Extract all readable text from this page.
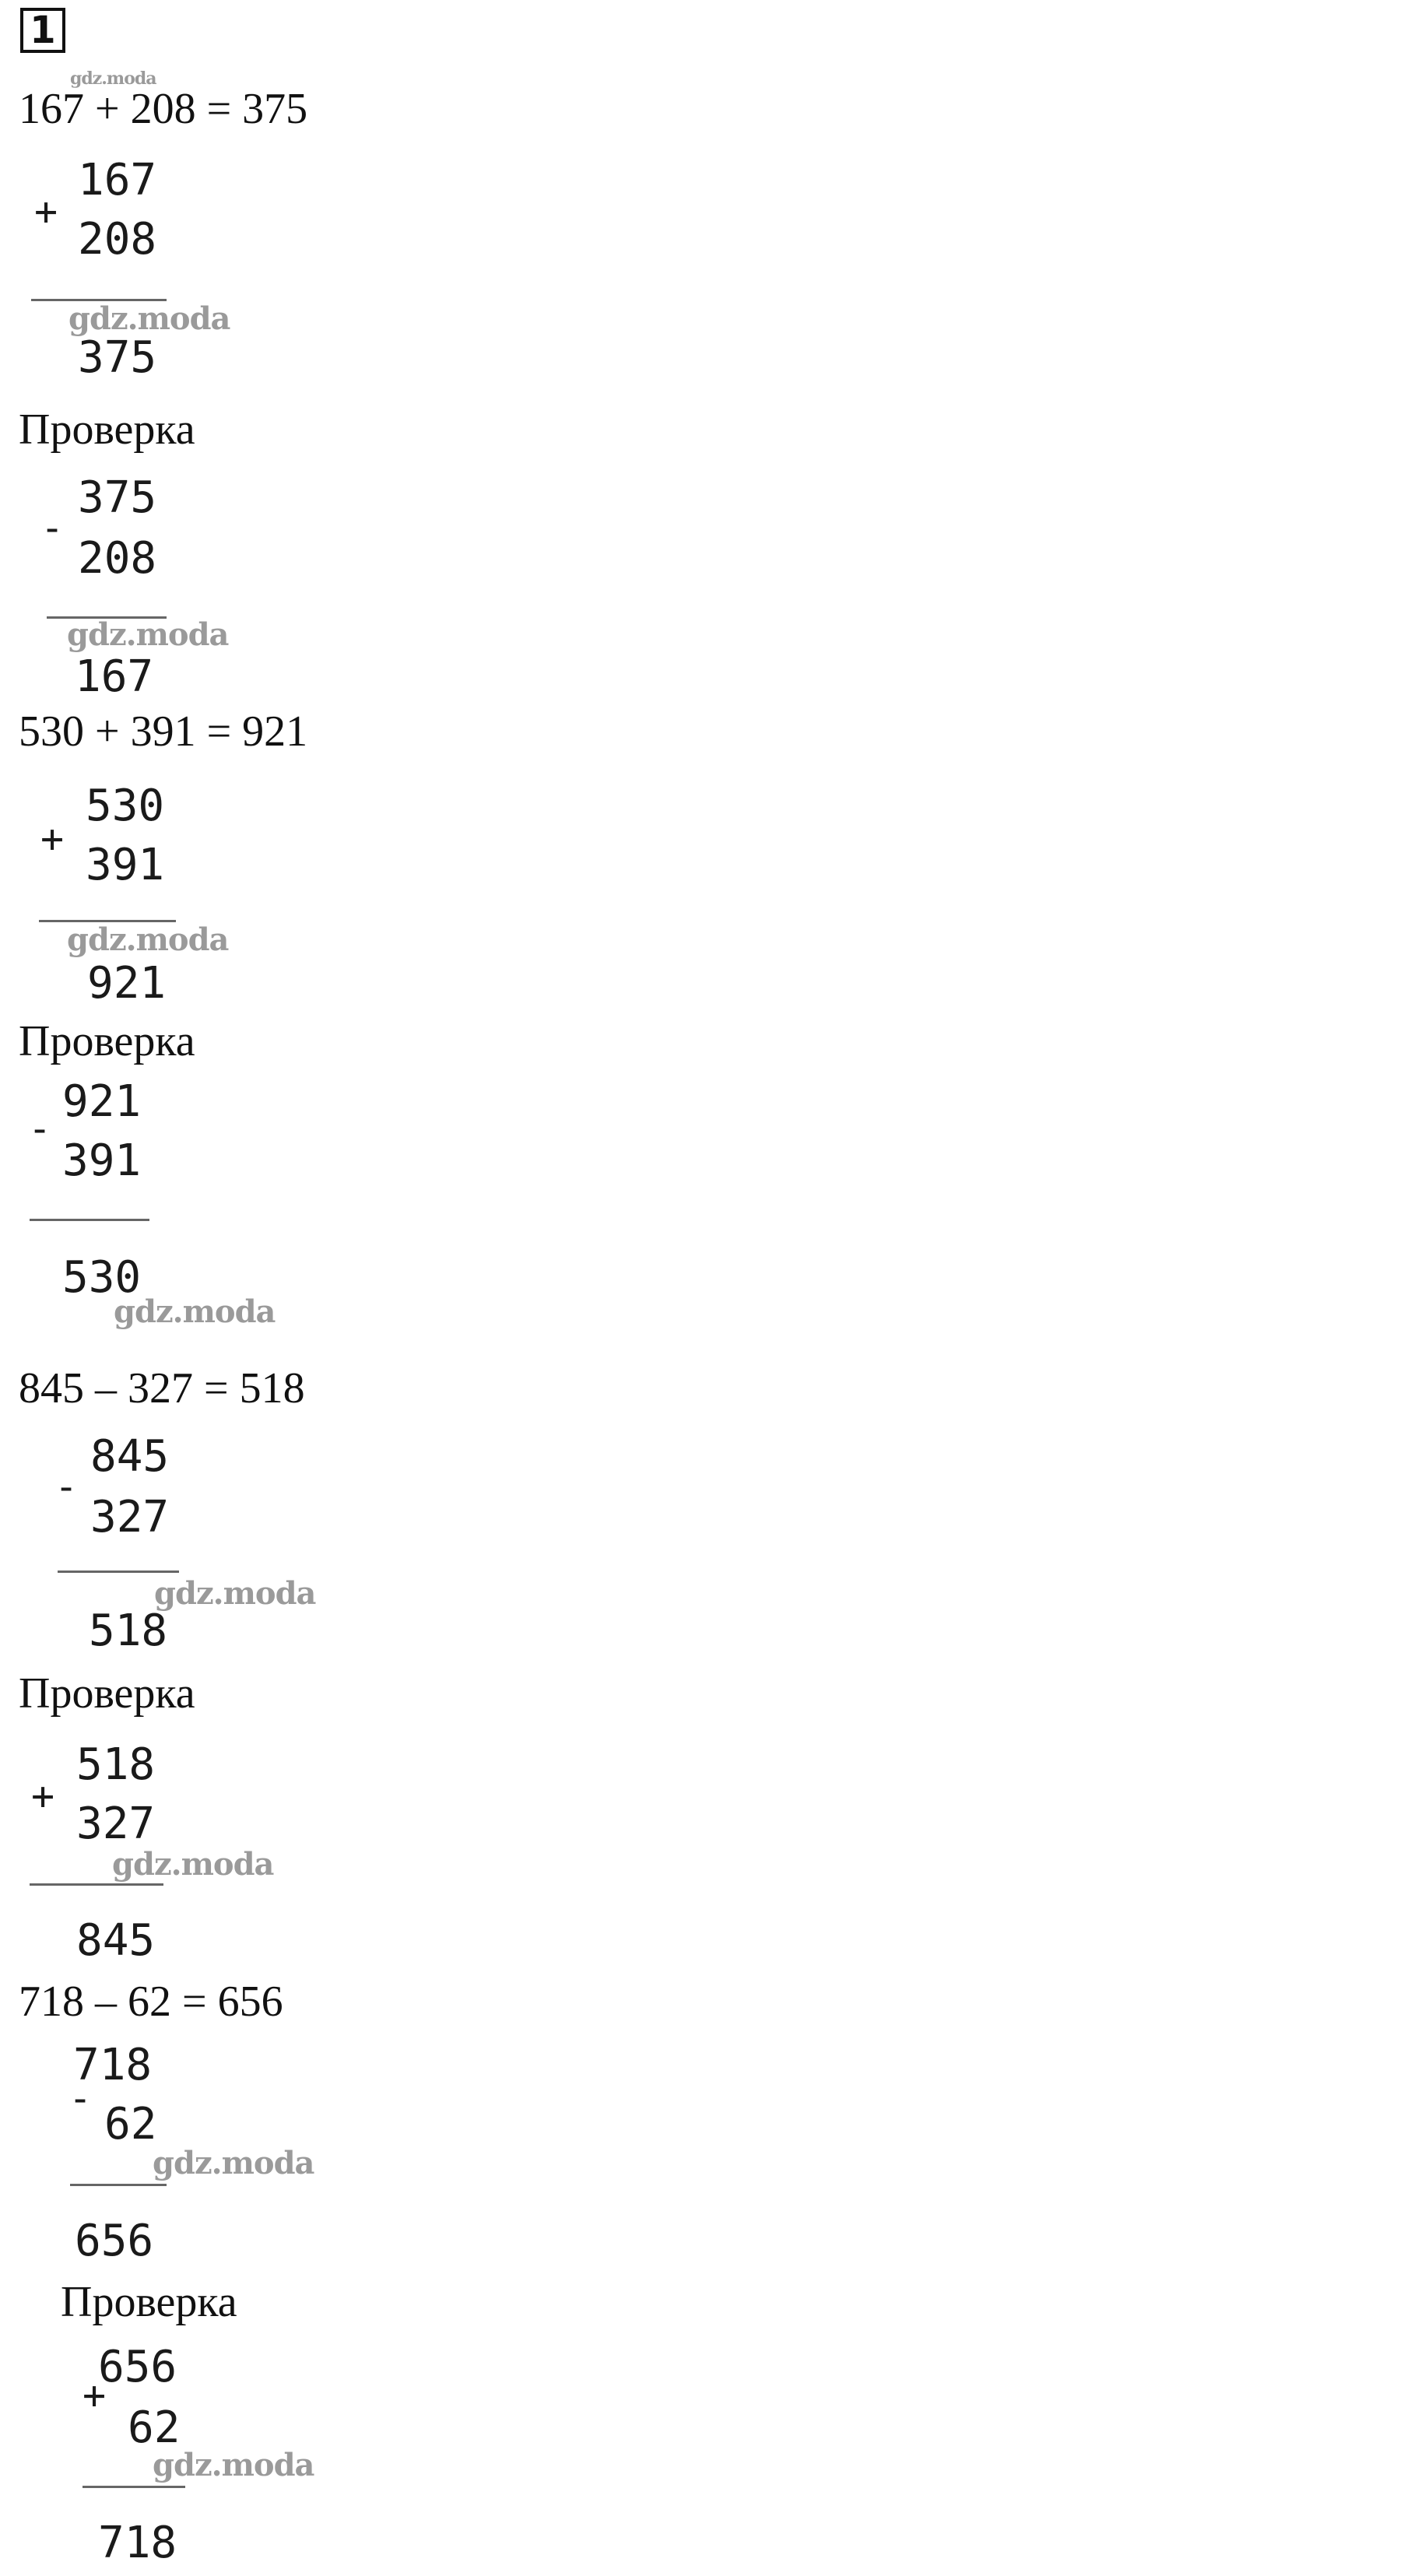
1
gdz.moda
167 + 208 = 375
+
167
208
gdz.moda
375
Проверка
-
375
208
gdz.moda
167
530 + 391 = 921
+
530
391
gdz.moda
921
Проверка
-
921
391
530
gdz.moda
845 – 327 = 518
-
845
327
gdz.moda
518
Проверка
+
518
327
gdz.moda
845
718 – 62 = 656
718
-
62
gdz.moda
656
Проверка
656
+
62
gdz.moda
718
